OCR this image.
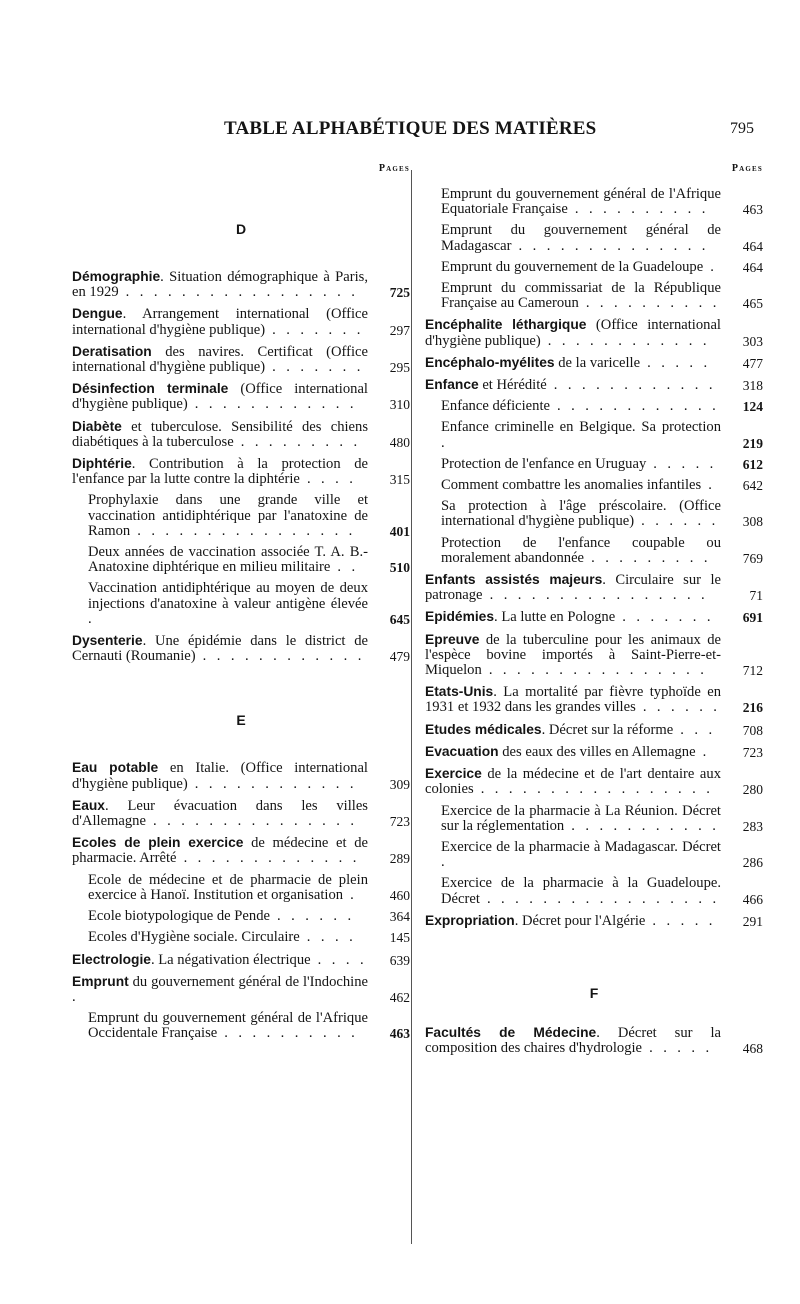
TABLE ALPHABÉTIQUE DES MATIÈRES	795
Pages
D
Démographie. Situation démographique à Paris, en 1929 . . . . . . . . . . . . . . . . .	725
Dengue. Arrangement international (Office international d'hygiène publique) . . . . . . .	297
Deratisation des navires. Certificat (Office international d'hygiène publique) . . . . . . .	295
Désinfection terminale (Office international d'hygiène publique) . . . . . . . . . . . .	310
Diabète et tuberculose. Sensibilité des chiens diabétiques à la tuberculose . . . . . . . . .	480
Diphtérie. Contribution à la protection de l'enfance par la lutte contre la diphtérie . . . .	315
Prophylaxie dans une grande ville et vaccination antidiphtérique par l'anatoxine de Ramon . . . . . . . . . . . . . . . .	401
Deux années de vaccination associée T. A. B.-Anatoxine diphtérique en milieu militaire . .	510
Vaccination antidiphtérique au moyen de deux injections d'anatoxine à valeur antigène élevée .	645
Dysenterie. Une épidémie dans le district de Cernauti (Roumanie) . . . . . . . . . . . .	479
E
Eau potable en Italie. (Office international d'hygiène publique) . . . . . . . . . . . .	309
Eaux. Leur évacuation dans les villes d'Allemagne . . . . . . . . . . . . . . .	723
Ecoles de plein exercice de médecine et de pharmacie. Arrêté . . . . . . . . . . . . .	289
Ecole de médecine et de pharmacie de plein exercice à Hanoï. Institution et organisation .	460
Ecole biotypologique de Pende . . . . . .	364
Ecoles d'Hygiène sociale. Circulaire . . . .	145
Electrologie. La négativation électrique . . . .	639
Emprunt du gouvernement général de l'Indochine .	462
Emprunt du gouvernement général de l'Afrique Occidentale Française . . . . . . . . . .	463
Pages
Emprunt du gouvernement général de l'Afrique Equatoriale Française . . . . . . . . . .	463
Emprunt du gouvernement général de Madagascar . . . . . . . . . . . . . .	464
Emprunt du gouvernement de la Guadeloupe .	464
Emprunt du commissariat de la République Française au Cameroun . . . . . . . . . .	465
Encéphalite léthargique (Office international d'hygiène publique) . . . . . . . . . . . .	303
Encéphalo-myélites de la varicelle . . . . .	477
Enfance et Hérédité . . . . . . . . . . . .	318
Enfance déficiente . . . . . . . . . . . .	124
Enfance criminelle en Belgique. Sa protection .	219
Protection de l'enfance en Uruguay . . . . .	612
Comment combattre les anomalies infantiles .	642
Sa protection à l'âge préscolaire. (Office international d'hygiène publique) . . . . . .	308
Protection de l'enfance coupable ou moralement abandonnée . . . . . . . . .	769
Enfants assistés majeurs. Circulaire sur le patronage . . . . . . . . . . . . . . . .	71
Epidémies. La lutte en Pologne . . . . . . .	691
Epreuve de la tuberculine pour les animaux de l'espèce bovine importés à Saint-Pierre-et-Miquelon . . . . . . . . . . . . . . . .	712
Etats-Unis. La mortalité par fièvre typhoïde en 1931 et 1932 dans les grandes villes . . . . . .	216
Etudes médicales. Décret sur la réforme . . .	708
Evacuation des eaux des villes en Allemagne .	723
Exercice de la médecine et de l'art dentaire aux colonies . . . . . . . . . . . . . . . . .	280
Exercice de la pharmacie à La Réunion. Décret sur la réglementation . . . . . . . . . . .	283
Exercice de la pharmacie à Madagascar. Décret .	286
Exercice de la pharmacie à la Guadeloupe. Décret . . . . . . . . . . . . . . . . .	466
Expropriation. Décret pour l'Algérie . . . . .	291
F
Facultés de Médecine. Décret sur la composition des chaires d'hydrologie . . . . .	468
